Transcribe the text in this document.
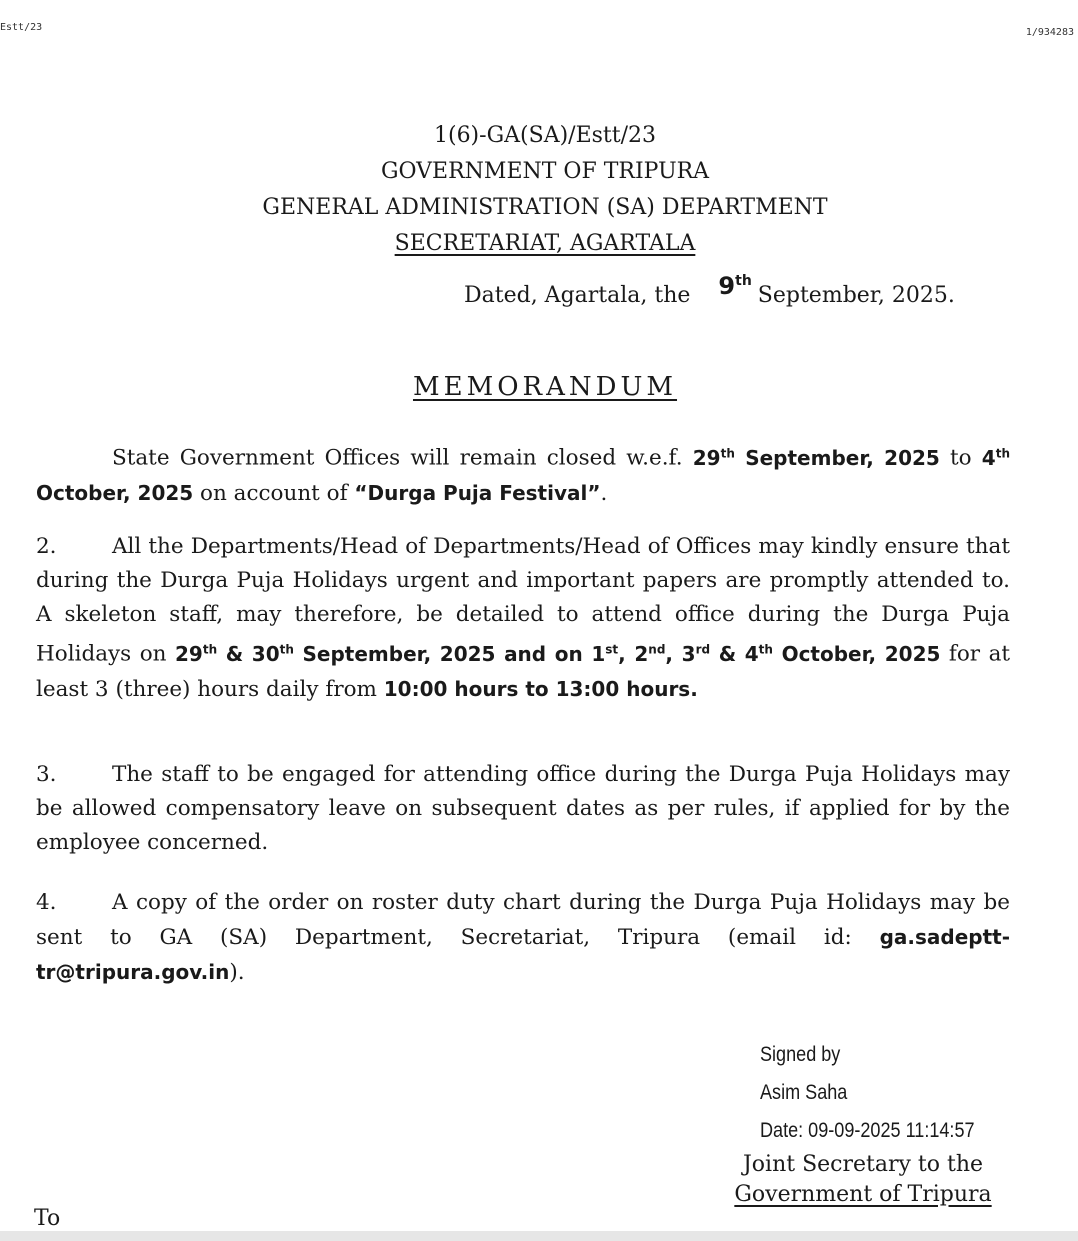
Estt/23	1/934283
1(6)-GA(SA)/Estt/23
GOVERNMENT OF TRIPURA
GENERAL ADMINISTRATION (SA) DEPARTMENT
SECRETARIAT, AGARTALA
Dated, Agartala, the 9thSeptember, 2025.
MEMORANDUM
State Government Offices will remain closed w.e.f. 29th September, 2025 to 4th October, 2025 on account of “Durga Puja Festival”.
2.	All the Departments/Head of Departments/Head of Offices may kindly ensure that during the Durga Puja Holidays urgent and important papers are promptly attended to. A skeleton staff, may therefore, be detailed to attend office during the Durga Puja Holidays on 29th & 30th September, 2025 and on 1st, 2nd, 3rd & 4th October, 2025 for at least 3 (three) hours daily from 10:00 hours to 13:00 hours.
3.	The staff to be engaged for attending office during the Durga Puja Holidays may be allowed compensatory leave on subsequent dates as per rules, if applied for by the employee concerned.
4.	A copy of the order on roster duty chart during the Durga Puja Holidays may be sent to GA (SA) Department, Secretariat, Tripura (email id: ga.sadeptt-tr@tripura.gov.in).
Signed by
Asim Saha
Date: 09-09-2025 11:14:57
Joint Secretary to the
Government of Tripura
To
